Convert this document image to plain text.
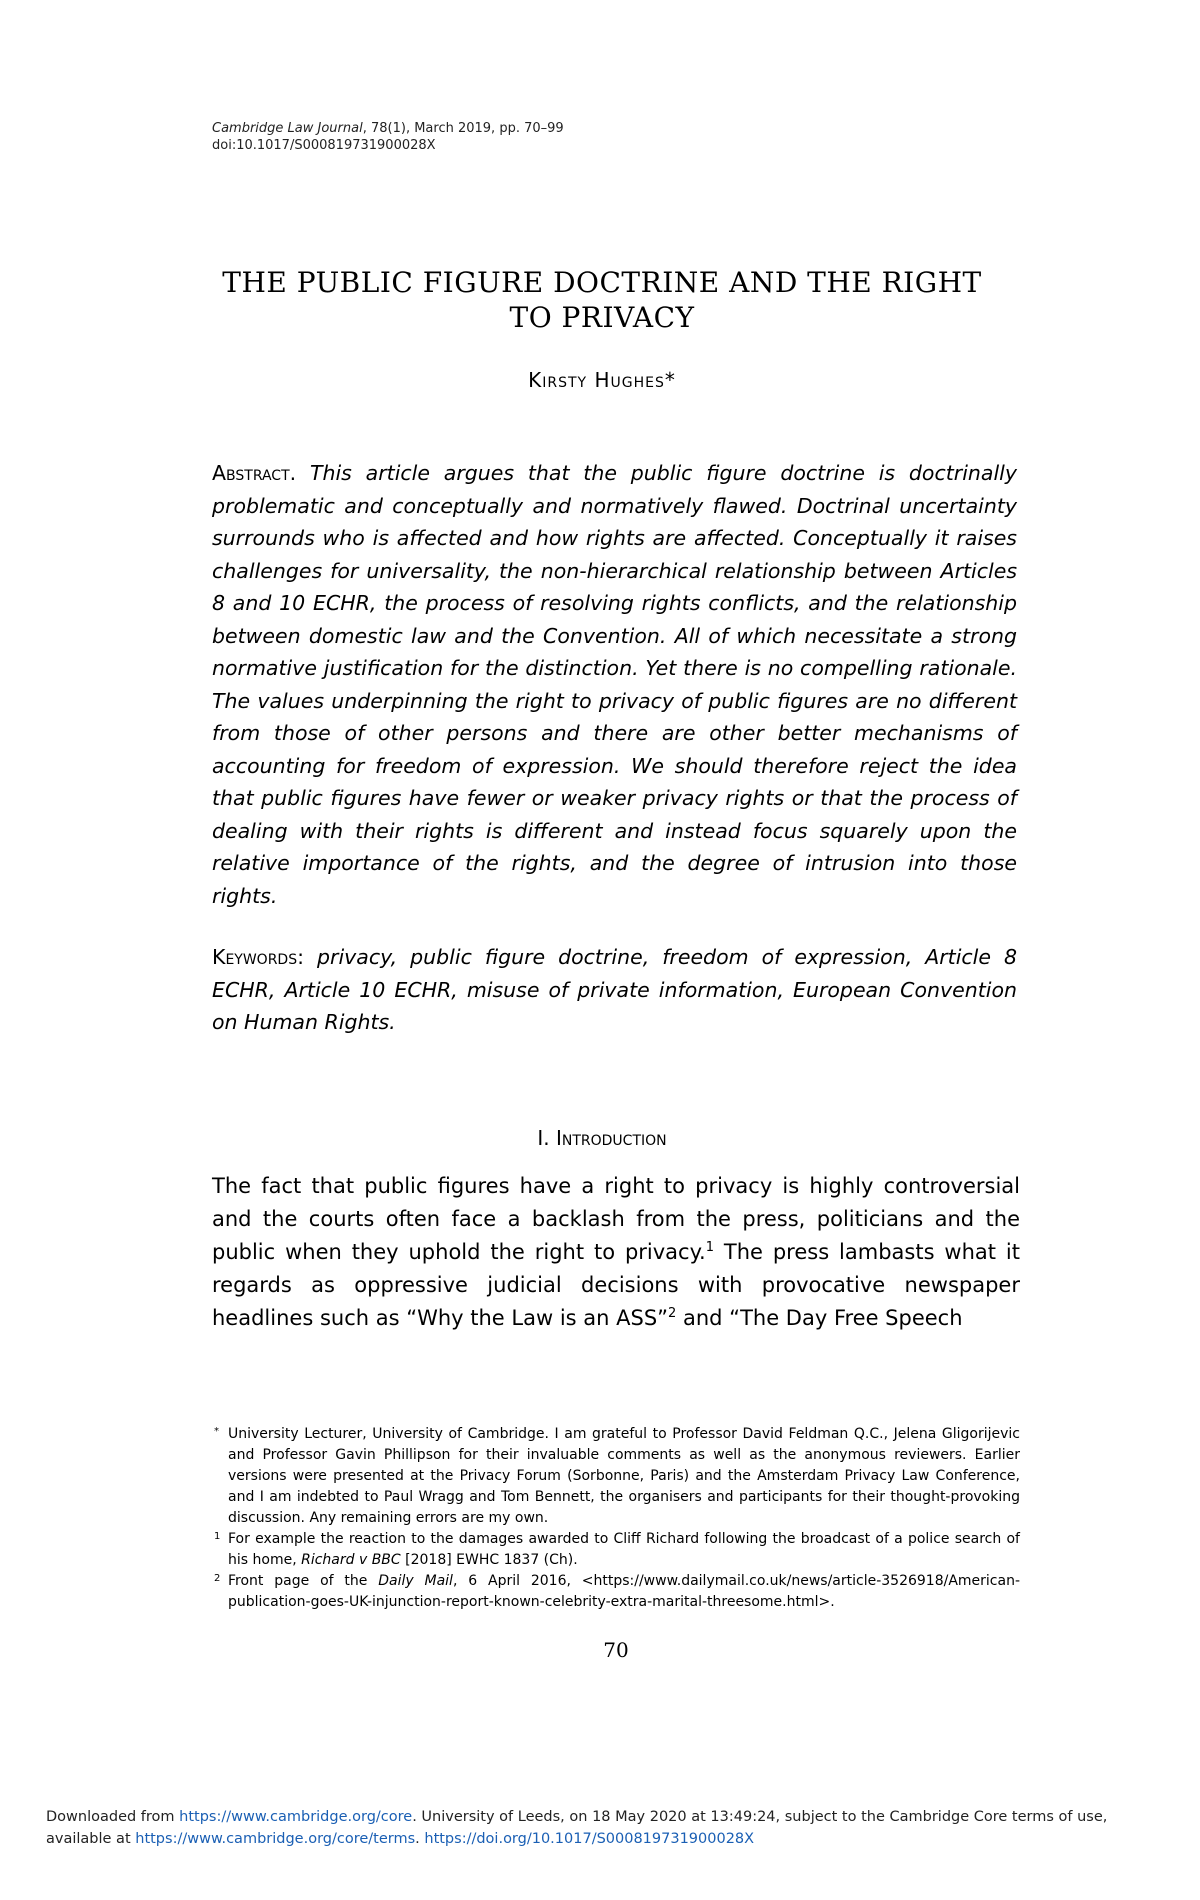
Cambridge Law Journal, 78(1), March 2019, pp. 70–99
doi:10.1017/S000819731900028X
THE PUBLIC FIGURE DOCTRINE AND THE RIGHT
TO PRIVACY
Kirsty Hughes*
Abstract. This article argues that the public figure doctrine is doctrinally problematic and conceptually and normatively flawed. Doctrinal uncertainty surrounds who is affected and how rights are affected. Conceptually it raises challenges for universality, the non-hierarchical relationship between Articles 8 and 10 ECHR, the process of resolving rights conflicts, and the relationship between domestic law and the Convention. All of which necessitate a strong normative justification for the distinction. Yet there is no compelling rationale. The values underpinning the right to privacy of public figures are no different from those of other persons and there are other better mechanisms of accounting for freedom of expression. We should therefore reject the idea that public figures have fewer or weaker privacy rights or that the process of dealing with their rights is different and instead focus squarely upon the relative importance of the rights, and the degree of intrusion into those rights.
Keywords: privacy, public figure doctrine, freedom of expression, Article 8 ECHR, Article 10 ECHR, misuse of private information, European Convention on Human Rights.
I. Introduction
The fact that public figures have a right to privacy is highly controversial and the courts often face a backlash from the press, politicians and the public when they uphold the right to privacy.$^1$ The press lambasts what it regards as oppressive judicial decisions with provocative newspaper headlines such as “Why the Law is an ASS”$^2$ and “The Day Free Speech
* University Lecturer, University of Cambridge. I am grateful to Professor David Feldman Q.C., Jelena Gligorijevic and Professor Gavin Phillipson for their invaluable comments as well as the anonymous reviewers. Earlier versions were presented at the Privacy Forum (Sorbonne, Paris) and the Amsterdam Privacy Law Conference, and I am indebted to Paul Wragg and Tom Bennett, the organisers and participants for their thought-provoking discussion. Any remaining errors are my own.
1 For example the reaction to the damages awarded to Cliff Richard following the broadcast of a police search of his home, Richard v BBC [2018] EWHC 1837 (Ch).
2 Front page of the Daily Mail, 6 April 2016, <https://www.dailymail.co.uk/news/article-3526918/American-publication-goes-UK-injunction-report-known-celebrity-extra-marital-threesome.html>.
70
Downloaded from https://www.cambridge.org/core. University of Leeds, on 18 May 2020 at 13:49:24, subject to the Cambridge Core terms of use, available at https://www.cambridge.org/core/terms. https://doi.org/10.1017/S000819731900028X
